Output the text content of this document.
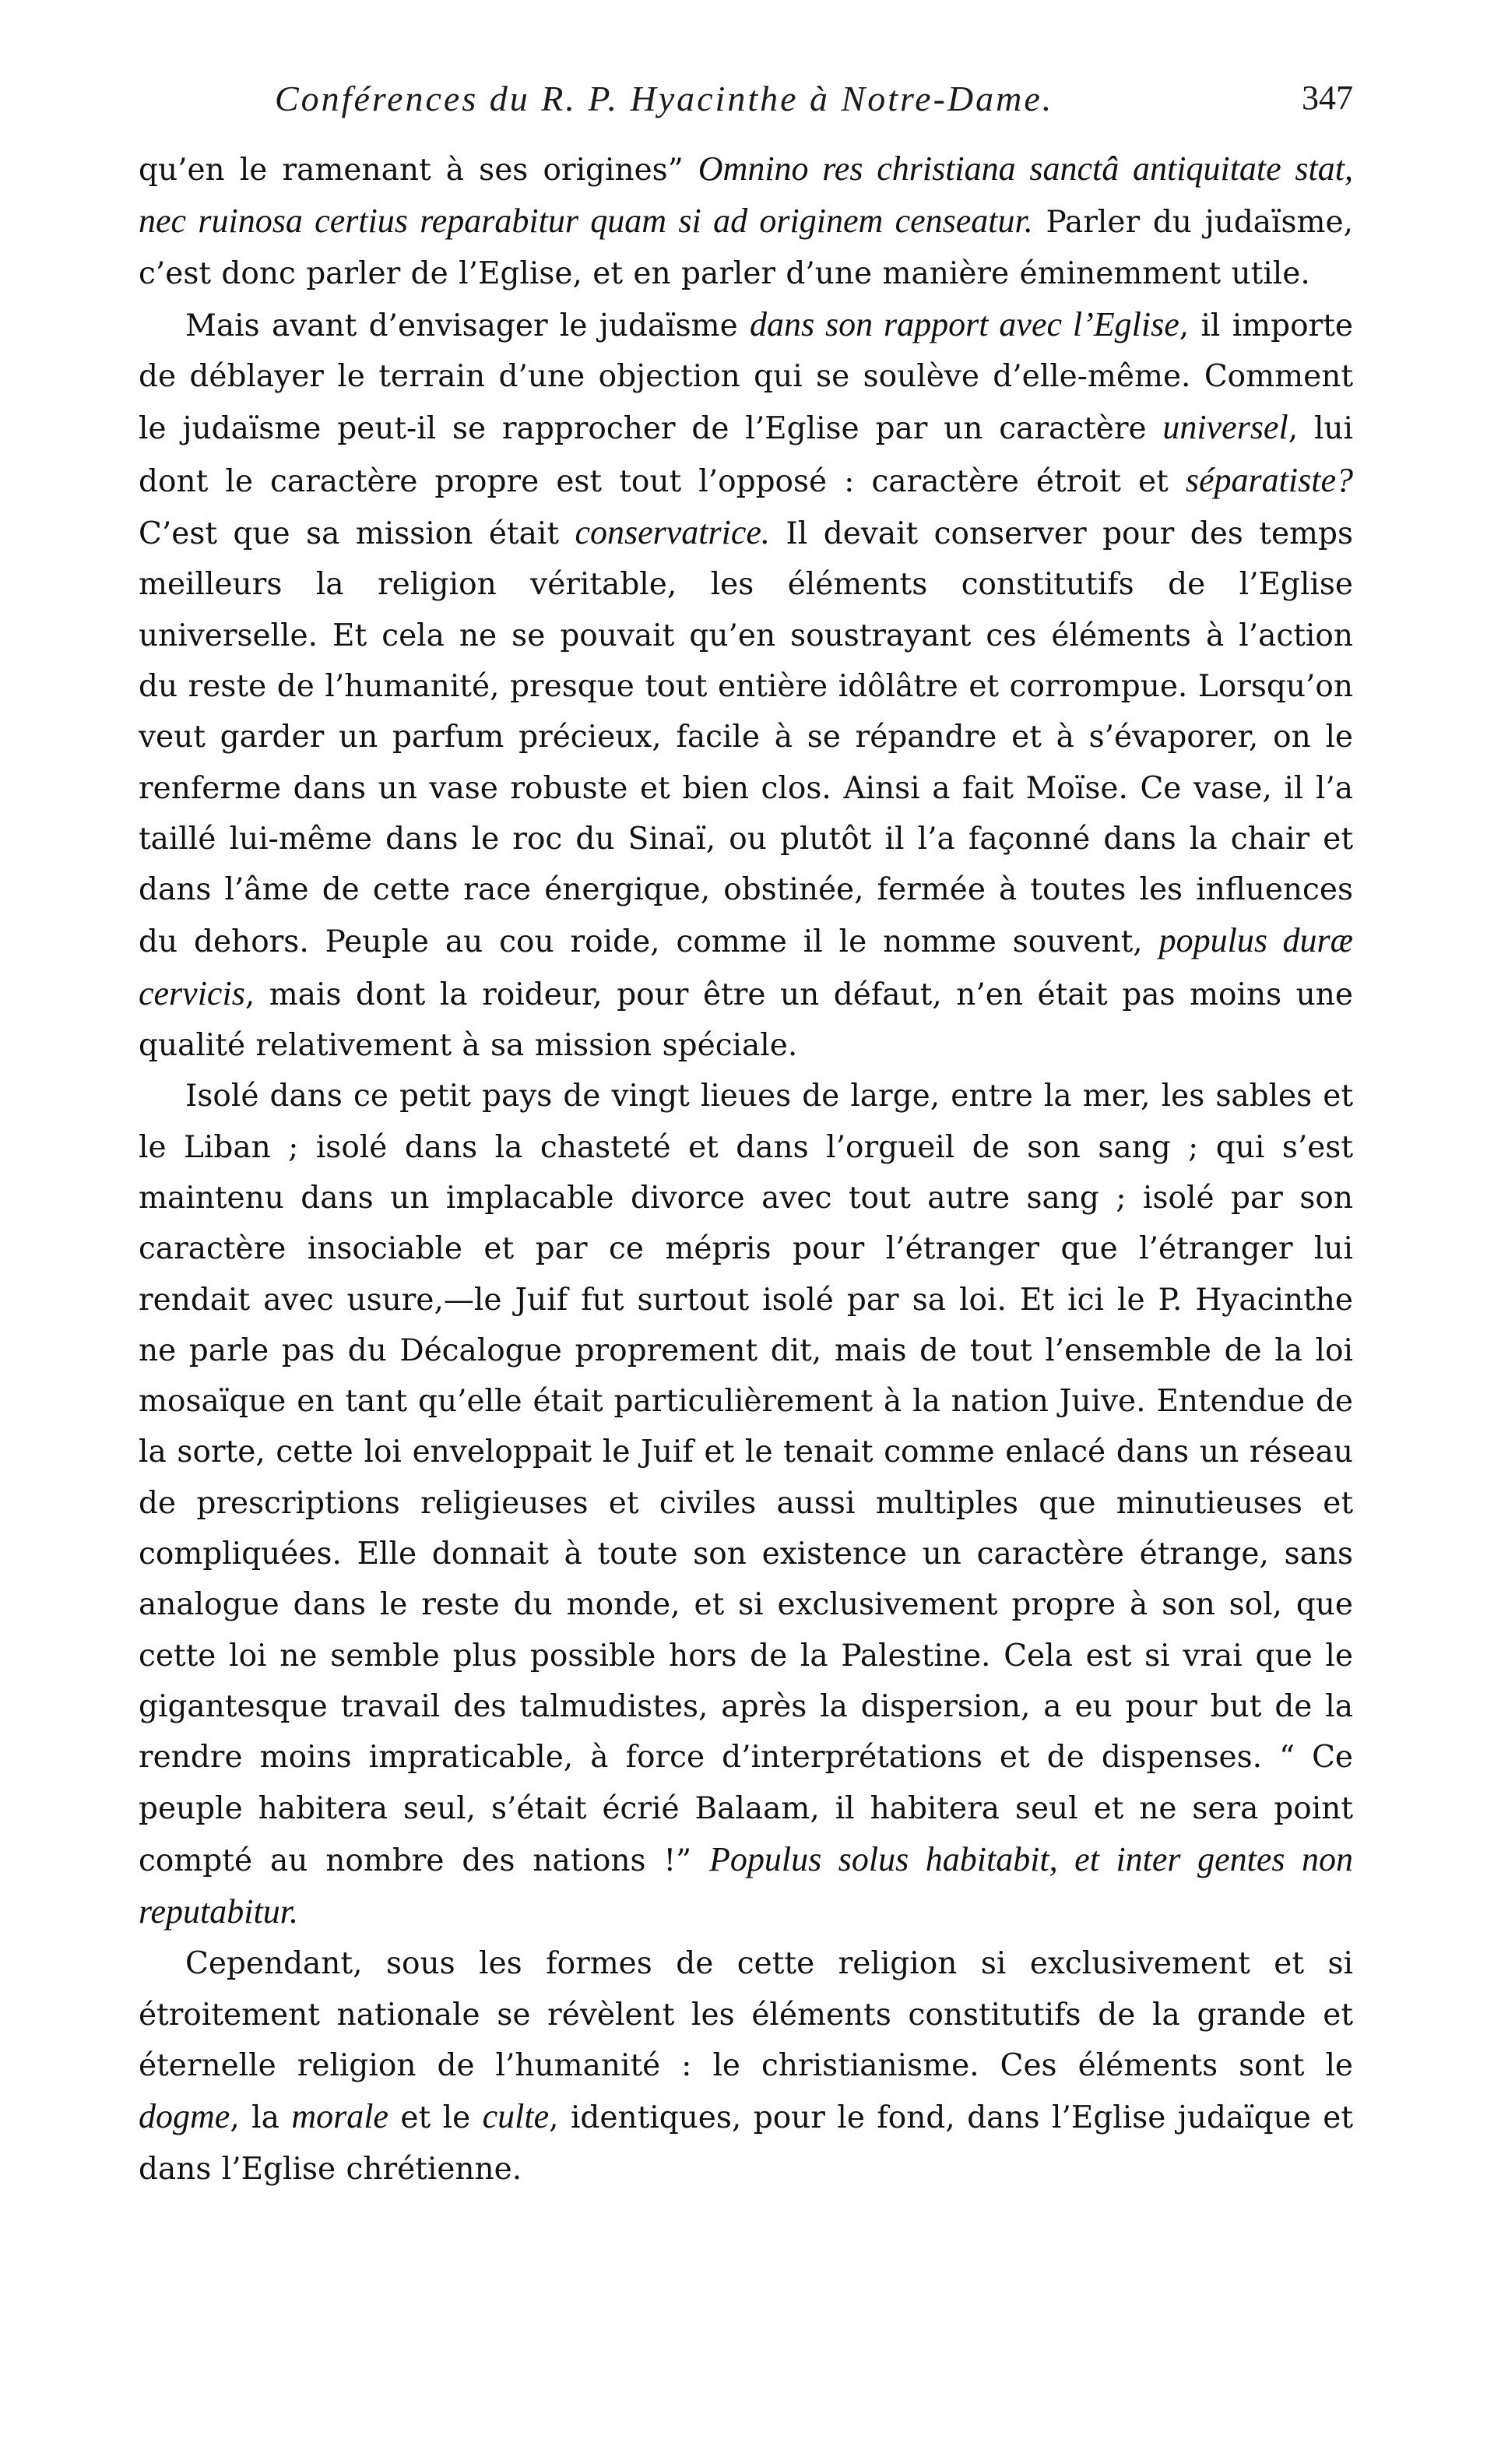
Conférences du R. P. Hyacinthe à Notre-Dame.	347

qu’en le ramenant à ses origines” Omnino res christiana sanctâ antiquitate stat, nec ruinosa certius reparabitur quam si ad originem censeatur. Parler du judaïsme, c’est donc parler de l’Eglise, et en parler d’une manière éminemment utile.

Mais avant d’envisager le judaïsme dans son rapport avec l’Eglise, il importe de déblayer le terrain d’une objection qui se soulève d’elle-même. Comment le judaïsme peut-il se rapprocher de l’Eglise par un caractère universel, lui dont le caractère propre est tout l’opposé : caractère étroit et séparatiste? C’est que sa mission était conservatrice. Il devait conserver pour des temps meilleurs la religion véritable, les éléments constitutifs de l’Eglise universelle. Et cela ne se pouvait qu’en soustrayant ces éléments à l’action du reste de l’humanité, presque tout entière idôlâtre et corrompue. Lorsqu’on veut garder un parfum précieux, facile à se répandre et à s’évaporer, on le renferme dans un vase robuste et bien clos. Ainsi a fait Moïse. Ce vase, il l’a taillé lui-même dans le roc du Sinaï, ou plutôt il l’a façonné dans la chair et dans l’âme de cette race énergique, obstinée, fermée à toutes les influences du dehors. Peuple au cou roide, comme il le nomme souvent, populus duræ cervicis, mais dont la roideur, pour être un défaut, n’en était pas moins une qualité relativement à sa mission spéciale.

Isolé dans ce petit pays de vingt lieues de large, entre la mer, les sables et le Liban ; isolé dans la chasteté et dans l’orgueil de son sang ; qui s’est maintenu dans un implacable divorce avec tout autre sang ; isolé par son caractère insociable et par ce mépris pour l’étranger que l’étranger lui rendait avec usure,—le Juif fut surtout isolé par sa loi. Et ici le P. Hyacinthe ne parle pas du Décalogue proprement dit, mais de tout l’ensemble de la loi mosaïque en tant qu’elle était particulièrement à la nation Juive. Entendue de la sorte, cette loi enveloppait le Juif et le tenait comme enlacé dans un réseau de prescriptions religieuses et civiles aussi multiples que minutieuses et compliquées. Elle donnait à toute son existence un caractère étrange, sans analogue dans le reste du monde, et si exclusivement propre à son sol, que cette loi ne semble plus possible hors de la Palestine. Cela est si vrai que le gigantesque travail des talmudistes, après la dispersion, a eu pour but de la rendre moins impraticable, à force d’interprétations et de dispenses. “ Ce peuple habitera seul, s’était écrié Balaam, il habitera seul et ne sera point compté au nombre des nations !” Populus solus habitabit, et inter gentes non reputabitur.

Cependant, sous les formes de cette religion si exclusivement et si étroitement nationale se révèlent les éléments constitutifs de la grande et éternelle religion de l’humanité : le christianisme. Ces éléments sont le dogme, la morale et le culte, identiques, pour le fond, dans l’Eglise judaïque et dans l’Eglise chrétienne.
